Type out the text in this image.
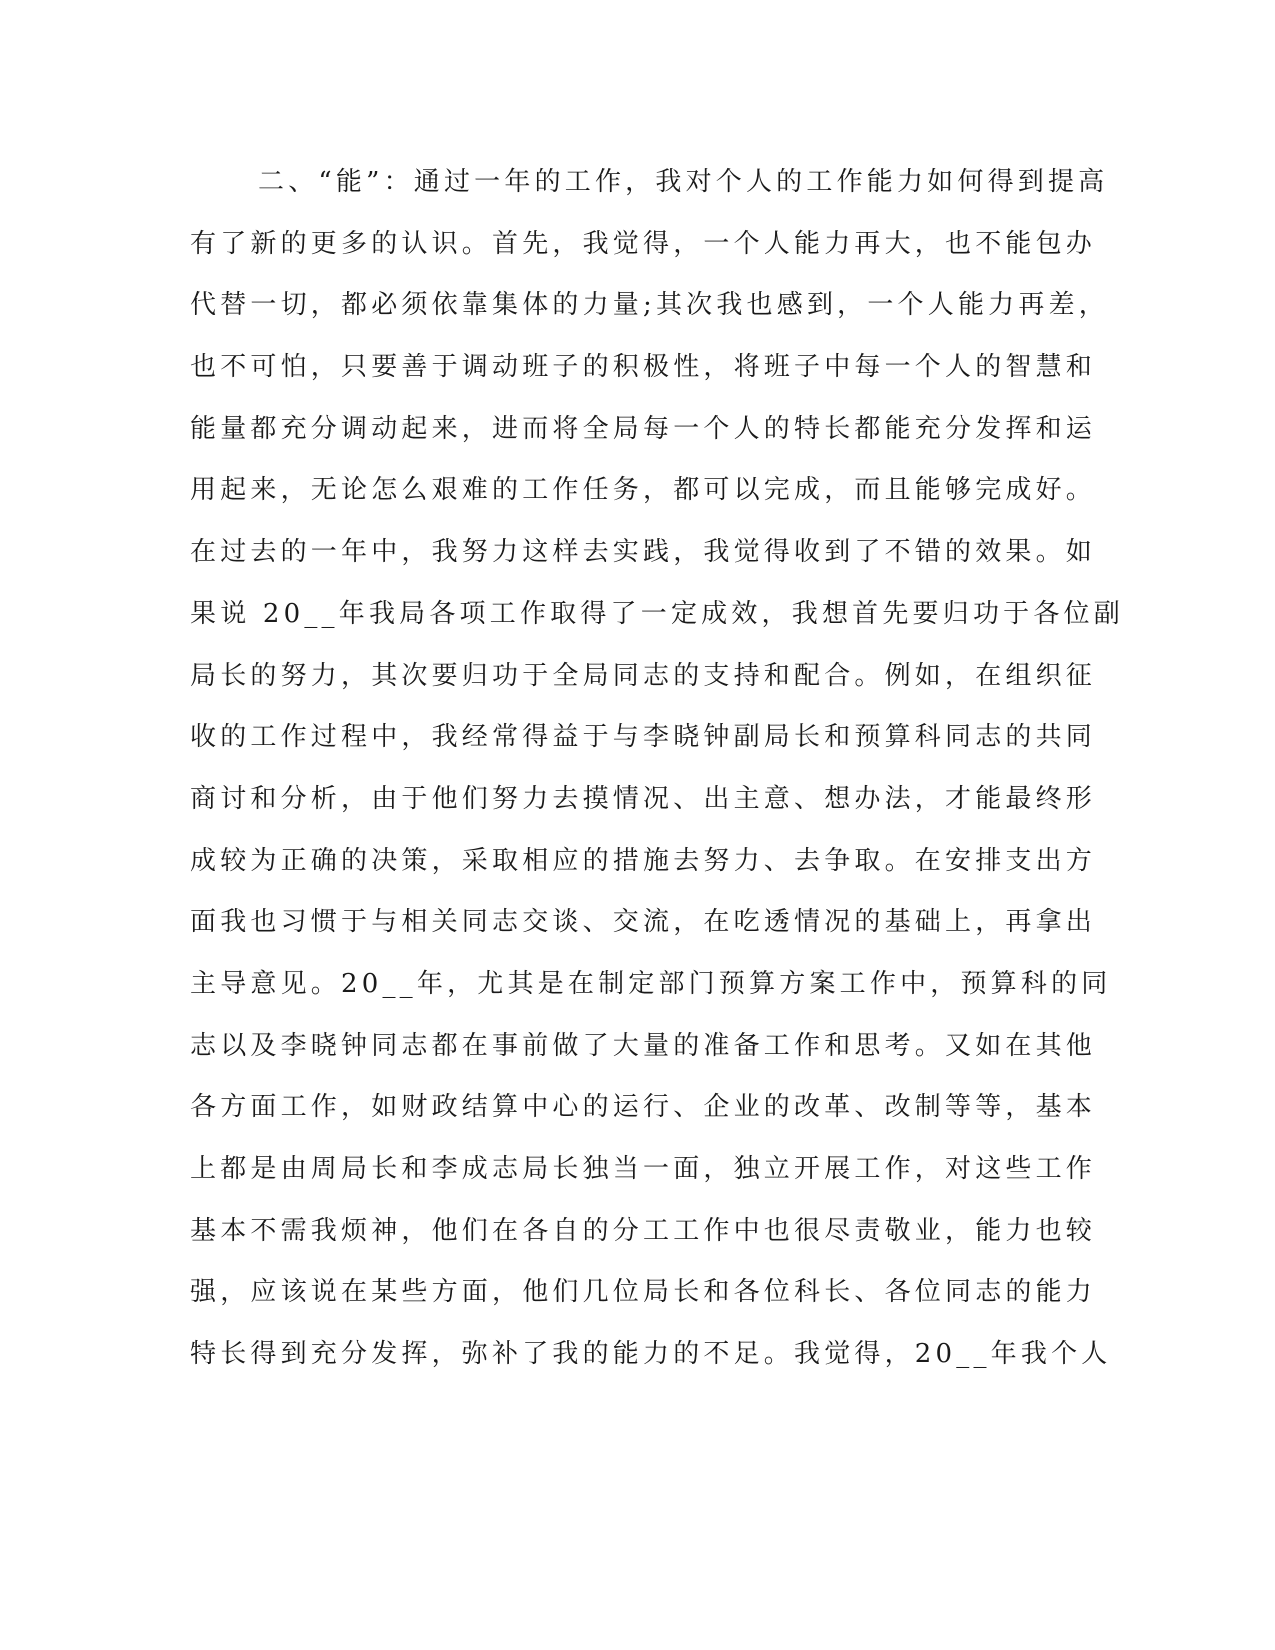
二、“能”：通过一年的工作，我对个人的工作能力如何得到提高
有了新的更多的认识。首先，我觉得，一个人能力再大，也不能包办
代替一切，都必须依靠集体的力量;其次我也感到，一个人能力再差，
也不可怕，只要善于调动班子的积极性，将班子中每一个人的智慧和
能量都充分调动起来，进而将全局每一个人的特长都能充分发挥和运
用起来，无论怎么艰难的工作任务，都可以完成，而且能够完成好。
在过去的一年中，我努力这样去实践，我觉得收到了不错的效果。如
果说 20__年我局各项工作取得了一定成效，我想首先要归功于各位副
局长的努力，其次要归功于全局同志的支持和配合。例如，在组织征
收的工作过程中，我经常得益于与李晓钟副局长和预算科同志的共同
商讨和分析，由于他们努力去摸情况、出主意、想办法，才能最终形
成较为正确的决策，采取相应的措施去努力、去争取。在安排支出方
面我也习惯于与相关同志交谈、交流，在吃透情况的基础上，再拿出
主导意见。20__年，尤其是在制定部门预算方案工作中，预算科的同
志以及李晓钟同志都在事前做了大量的准备工作和思考。又如在其他
各方面工作，如财政结算中心的运行、企业的改革、改制等等，基本
上都是由周局长和李成志局长独当一面，独立开展工作，对这些工作
基本不需我烦神，他们在各自的分工工作中也很尽责敬业，能力也较
强，应该说在某些方面，他们几位局长和各位科长、各位同志的能力
特长得到充分发挥，弥补了我的能力的不足。我觉得，20__年我个人
